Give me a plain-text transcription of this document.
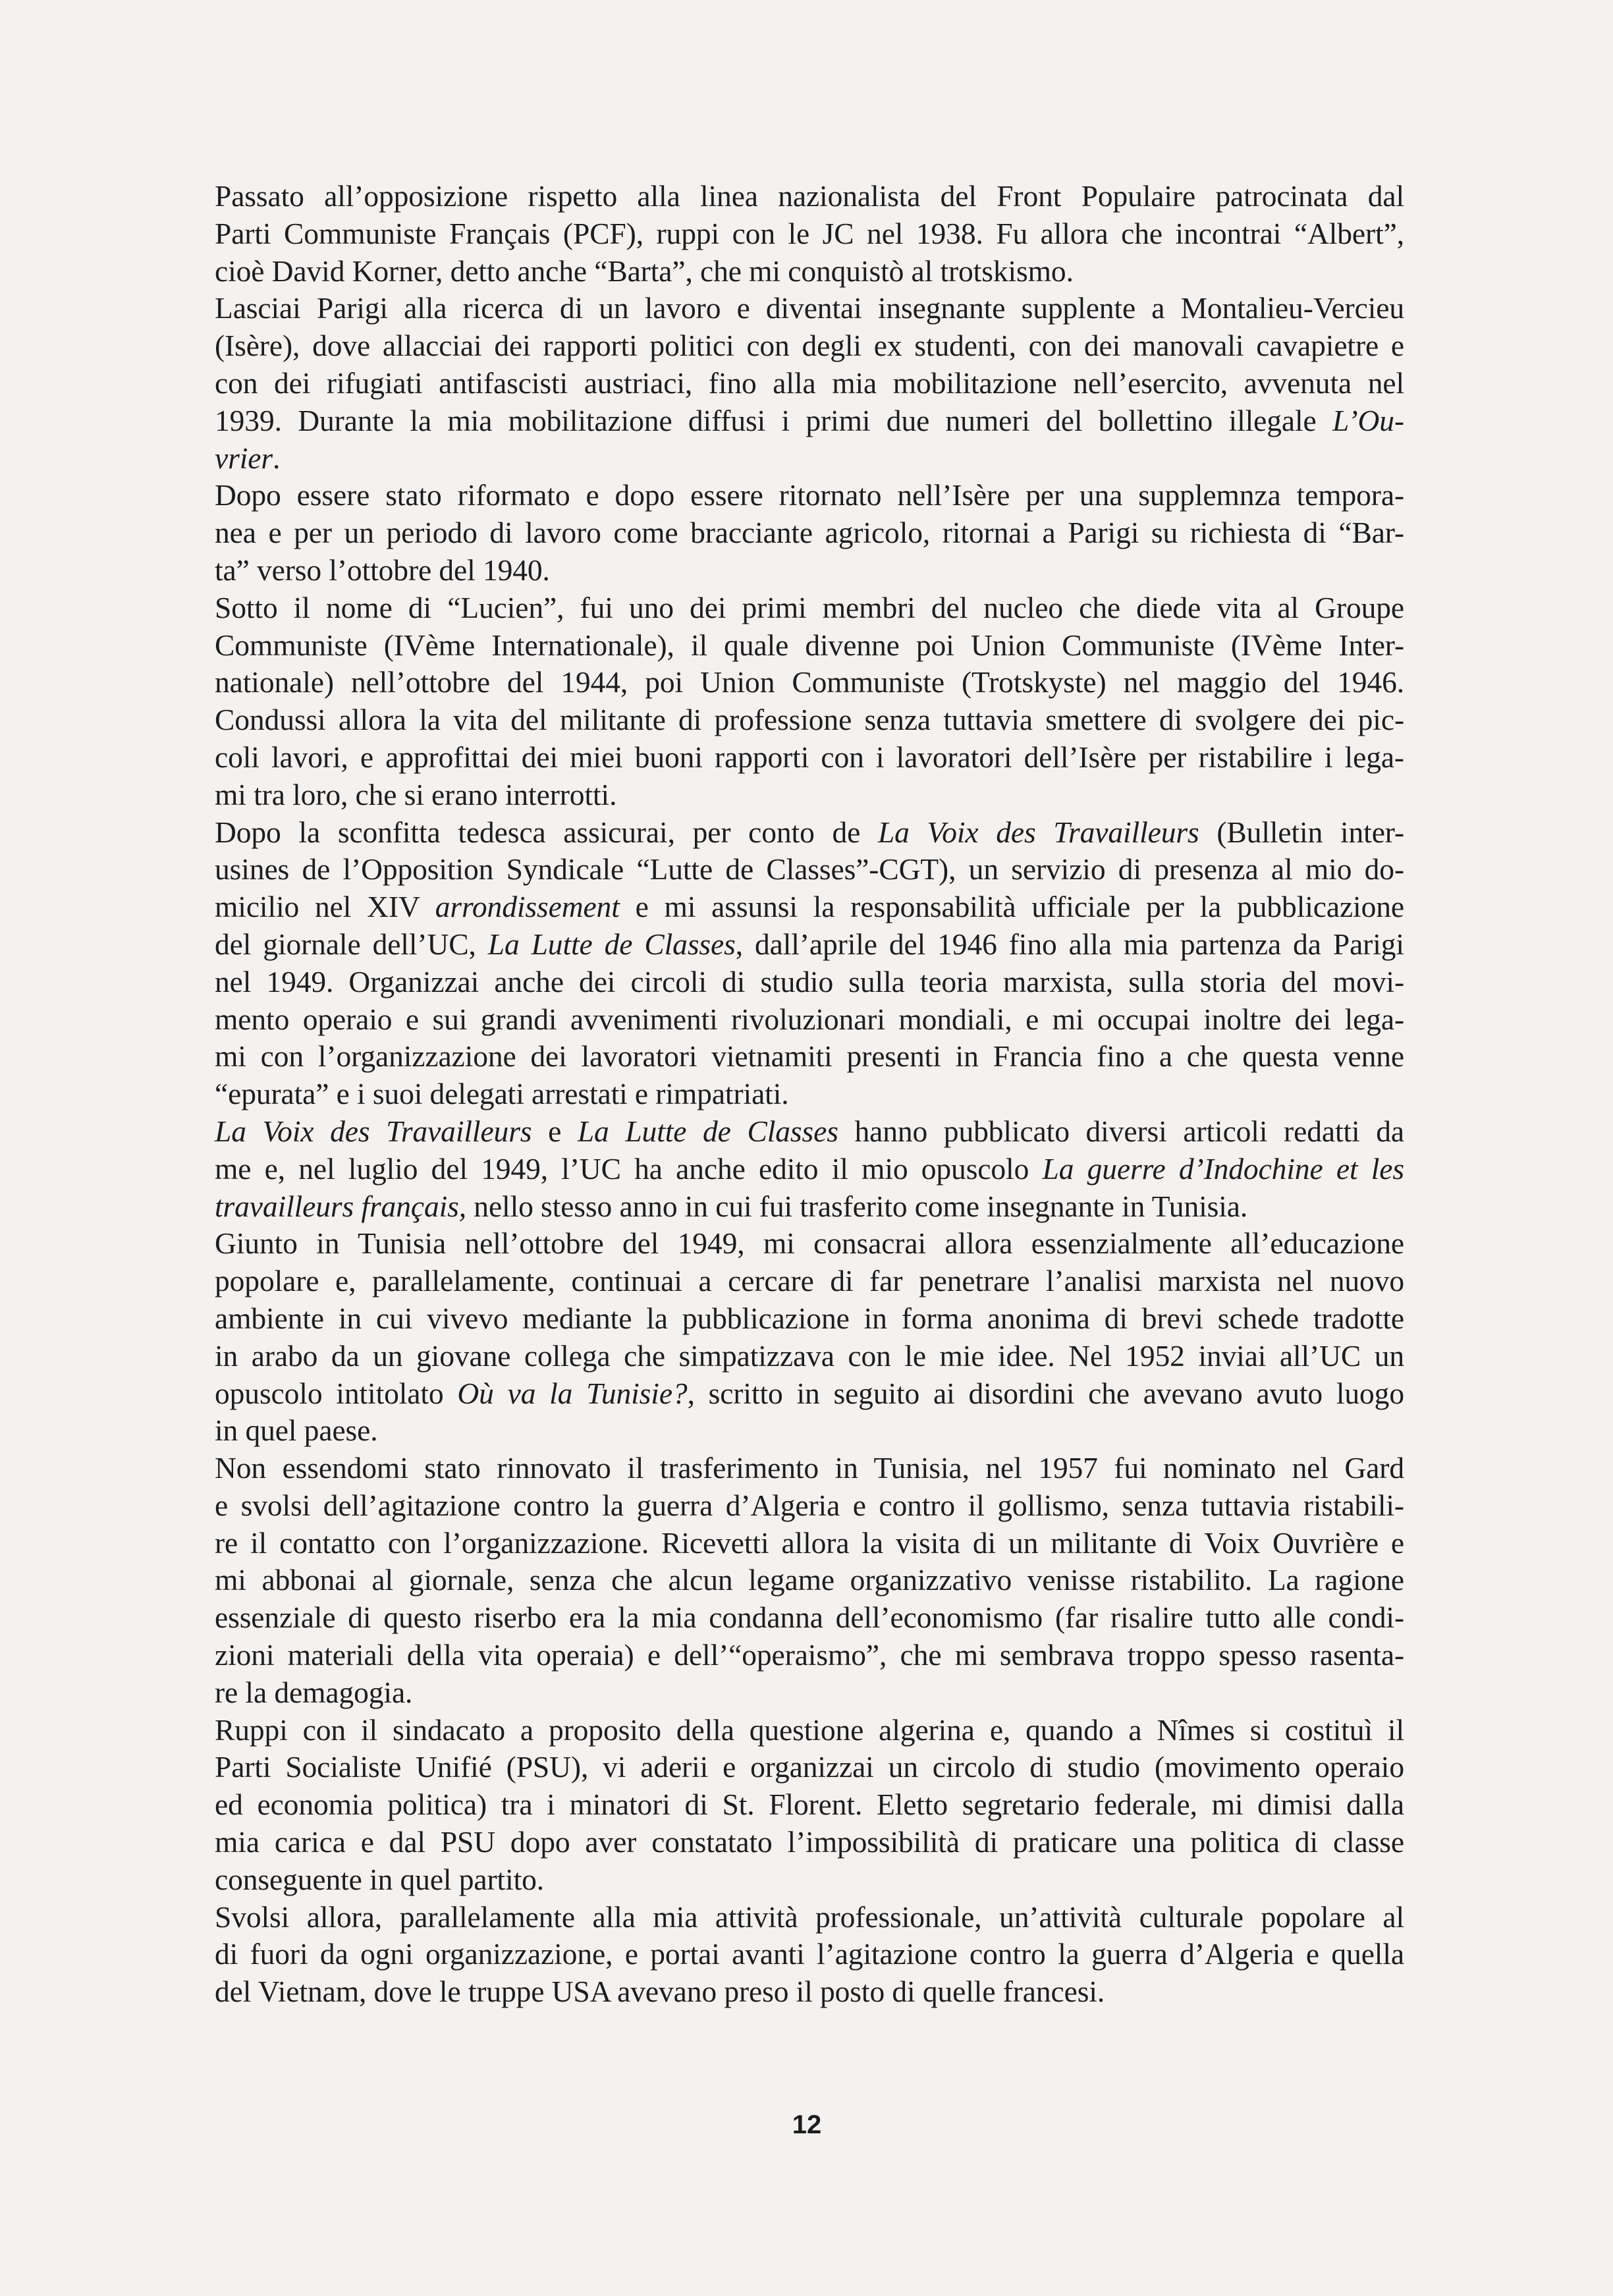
Passato all’opposizione rispetto alla linea nazionalista del Front Populaire patrocinata dal
Parti Communiste Français (PCF), ruppi con le JC nel 1938. Fu allora che incontrai “Albert”,
cioè David Korner, detto anche “Barta”, che mi conquistò al trotskismo.

Lasciai Parigi alla ricerca di un lavoro e diventai insegnante supplente a Montalieu-Vercieu
(Isère), dove allacciai dei rapporti politici con degli ex studenti, con dei manovali cavapietre e
con dei rifugiati antifascisti austriaci, fino alla mia mobilitazione nell’esercito, avvenuta nel
1939. Durante la mia mobilitazione diffusi i primi due numeri del bollettino illegale L’Ou-
vrier.

Dopo essere stato riformato e dopo essere ritornato nell’Isère per una supplemnza tempora-
nea e per un periodo di lavoro come bracciante agricolo, ritornai a Parigi su richiesta di “Bar-
ta” verso l’ottobre del 1940.

Sotto il nome di “Lucien”, fui uno dei primi membri del nucleo che diede vita al Groupe
Communiste (IVème Internationale), il quale divenne poi Union Communiste (IVème Inter-
nationale) nell’ottobre del 1944, poi Union Communiste (Trotskyste) nel maggio del 1946.
Condussi allora la vita del militante di professione senza tuttavia smettere di svolgere dei pic-
coli lavori, e approfittai dei miei buoni rapporti con i lavoratori dell’Isère per ristabilire i lega-
mi tra loro, che si erano interrotti.

Dopo la sconfitta tedesca assicurai, per conto de La Voix des Travailleurs (Bulletin inter-
usines de l’Opposition Syndicale “Lutte de Classes”-CGT), un servizio di presenza al mio do-
micilio nel XIV arrondissement e mi assunsi la responsabilità ufficiale per la pubblicazione
del giornale dell’UC, La Lutte de Classes, dall’aprile del 1946 fino alla mia partenza da Parigi
nel 1949. Organizzai anche dei circoli di studio sulla teoria marxista, sulla storia del movi-
mento operaio e sui grandi avvenimenti rivoluzionari mondiali, e mi occupai inoltre dei lega-
mi con l’organizzazione dei lavoratori vietnamiti presenti in Francia fino a che questa venne
“epurata” e i suoi delegati arrestati e rimpatriati.

La Voix des Travailleurs e La Lutte de Classes hanno pubblicato diversi articoli redatti da
me e, nel luglio del 1949, l’UC ha anche edito il mio opuscolo La guerre d’Indochine et les
travailleurs français, nello stesso anno in cui fui trasferito come insegnante in Tunisia.

Giunto in Tunisia nell’ottobre del 1949, mi consacrai allora essenzialmente all’educazione
popolare e, parallelamente, continuai a cercare di far penetrare l’analisi marxista nel nuovo
ambiente in cui vivevo mediante la pubblicazione in forma anonima di brevi schede tradotte
in arabo da un giovane collega che simpatizzava con le mie idee. Nel 1952 inviai all’UC un
opuscolo intitolato Où va la Tunisie?, scritto in seguito ai disordini che avevano avuto luogo
in quel paese.

Non essendomi stato rinnovato il trasferimento in Tunisia, nel 1957 fui nominato nel Gard
e svolsi dell’agitazione contro la guerra d’Algeria e contro il gollismo, senza tuttavia ristabili-
re il contatto con l’organizzazione. Ricevetti allora la visita di un militante di Voix Ouvrière e
mi abbonai al giornale, senza che alcun legame organizzativo venisse ristabilito. La ragione
essenziale di questo riserbo era la mia condanna dell’economismo (far risalire tutto alle condi-
zioni materiali della vita operaia) e dell’“operaismo”, che mi sembrava troppo spesso rasenta-
re la demagogia.

Ruppi con il sindacato a proposito della questione algerina e, quando a Nîmes si costituì il
Parti Socialiste Unifié (PSU), vi aderii e organizzai un circolo di studio (movimento operaio
ed economia politica) tra i minatori di St. Florent. Eletto segretario federale, mi dimisi dalla
mia carica e dal PSU dopo aver constatato l’impossibilità di praticare una politica di classe
conseguente in quel partito.

Svolsi allora, parallelamente alla mia attività professionale, un’attività culturale popolare al
di fuori da ogni organizzazione, e portai avanti l’agitazione contro la guerra d’Algeria e quella
del Vietnam, dove le truppe USA avevano preso il posto di quelle francesi.

12
